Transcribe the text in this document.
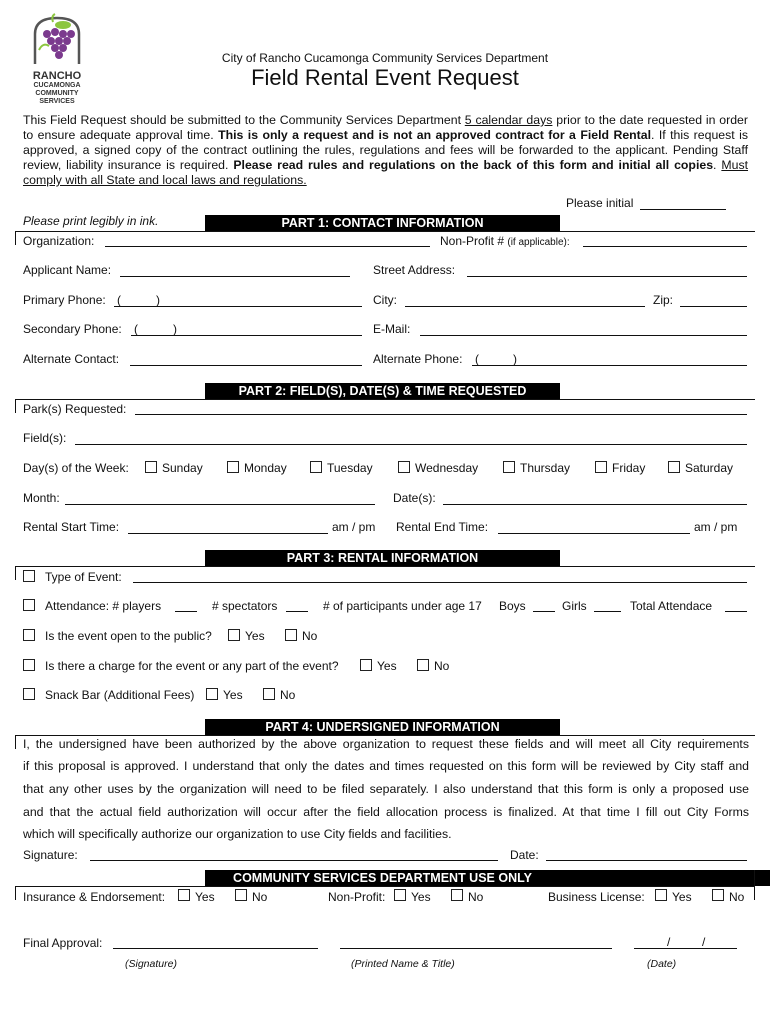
RANCHO
CUCAMONGA
COMMUNITY
SERVICES
City of Rancho Cucamonga Community Services Department
Field Rental Event Request
This Field Request should be submitted to the Community Services Department 5 calendar days prior to the date requested in order to ensure adequate approval time. This is only a request and is not an approved contract for a Field Rental. If this request is approved, a signed copy of the contract outlining the rules, regulations and fees will be forwarded to the applicant. Pending Staff review, liability insurance is required. Please read rules and regulations on the back of this form and initial all copies. Must comply with all State and local laws and regulations.
Please initial
Please print legibly in ink.	PART 1: CONTACT INFORMATION
Organization:	Non-Profit # (if applicable):
Applicant Name:	Street Address:
Primary Phone: (	)	City:	Zip:
Secondary Phone: (	)	E-Mail:
Alternate Contact:	Alternate Phone: (	)
PART 2: FIELD(S), DATE(S) & TIME REQUESTED
Park(s) Requested:
Field(s):
Day(s) of the Week:	Sunday	Monday	Tuesday	Wednesday	Thursday	Friday	Saturday
Month:	Date(s):
Rental Start Time:	am / pm Rental End Time:	am / pm
PART 3: RENTAL INFORMATION
Type of Event:
Attendance: # players	# spectators	# of participants under age 17 Boys	Girls	Total Attendace
Is the event open to the public?	Yes	No
Is there a charge for the event or any part of the event?	Yes	No
Snack Bar (Additional Fees) Yes	No
PART 4: UNDERSIGNED INFORMATION
I, the undersigned have been authorized by the above organization to request these fields and will meet all City requirements
if this proposal is approved. I understand that only the dates and times requested on this form will be reviewed by City staff and
that any other uses by the organization will need to be filed separately. I also understand that this form is only a proposed use
and that the actual field authorization will occur after the field allocation process is finalized. At that time I fill out City Forms
which will specifically authorize our organization to use City fields and facilities.
Signature:	Date:
COMMUNITY SERVICES DEPARTMENT USE ONLY
Insurance & Endorsement: Yes	No	Non-Profit: Yes	No	Business License: Yes	No
Final Approval:	/	/
(Signature)	(Printed Name & Title)	(Date)
